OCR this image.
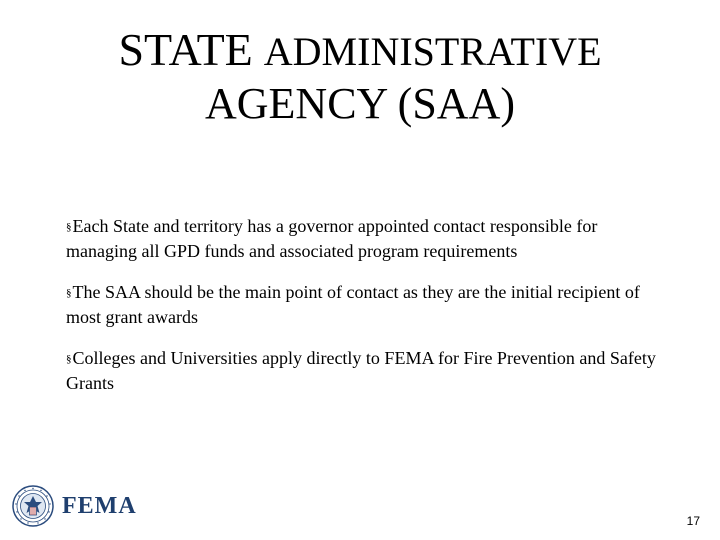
STATE ADMINISTRATIVE
AGENCY (SAA)

§Each State and territory has a governor appointed contact responsible for managing all GPD funds and associated program requirements

§The SAA should be the main point of contact as they are the initial recipient of most grant awards

§Colleges and Universities apply directly to FEMA for Fire Prevention and Safety Grants

FEMA
17
